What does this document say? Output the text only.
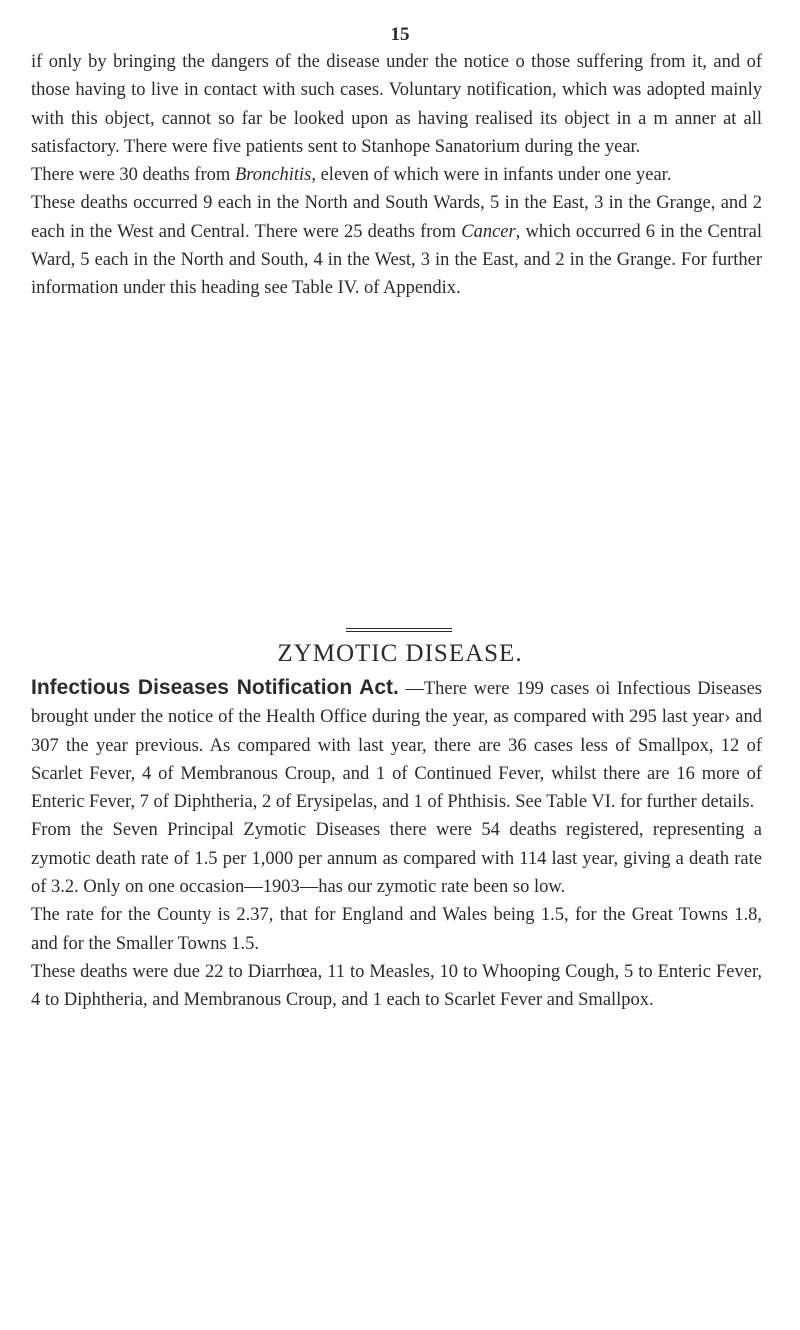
15

if only by bringing the dangers of the disease under the notice o those suffering from it, and of those having to live in contact with such cases. Voluntary notification, which was adopted mainly with this object, cannot so far be looked upon as having realised its object in a m anner at all satisfactory. There were five patients sent to Stanhope Sanatorium during the year.

There were 30 deaths from Bronchitis, eleven of which were in infants under one year.

These deaths occurred 9 each in the North and South Wards, 5 in the East, 3 in the Grange, and 2 each in the West and Central. There were 25 deaths from Cancer, which occurred 6 in the Central Ward, 5 each in the North and South, 4 in the West, 3 in the East, and 2 in the Grange. For further information under this heading see Table IV. of Appendix.

ZYMOTIC DISEASE.

Infectious Diseases Notification Act. —There were 199 cases oi Infectious Diseases brought under the notice of the Health Office during the year, as compared with 295 last year› and 307 the year previous. As compared with last year, there are 36 cases less of Smallpox, 12 of Scarlet Fever, 4 of Membranous Croup, and 1 of Continued Fever, whilst there are 16 more of Enteric Fever, 7 of Diphtheria, 2 of Erysipelas, and 1 of Phthisis. See Table VI. for further details.

From the Seven Principal Zymotic Diseases there were 54 deaths registered, representing a zymotic death rate of 1.5 per 1,000 per annum as compared with 114 last year, giving a death rate of 3.2. Only on one occasion—1903—has our zymotic rate been so low.

The rate for the County is 2.37, that for England and Wales being 1.5, for the Great Towns 1.8, and for the Smaller Towns 1.5.

These deaths were due 22 to Diarrhœa, 11 to Measles, 10 to Whooping Cough, 5 to Enteric Fever, 4 to Diphtheria, and Membranous Croup, and 1 each to Scarlet Fever and Smallpox.
